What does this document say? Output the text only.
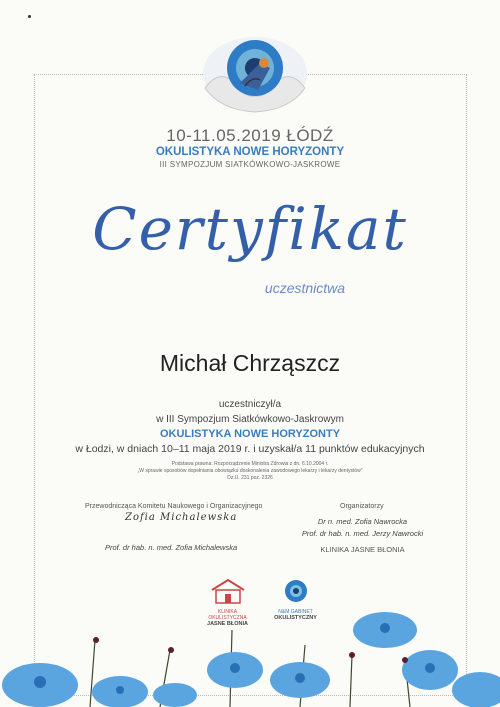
10-11.05.2019 ŁÓDŹ
OKULISTYKA NOWE HORYZONTY
III SYMPOZJUM SIATKÓWKOWO-JASKROWE
Certyfikat
uczestnictwa
Michał Chrząszcz
uczestniczył/a
w III Sympozjum Siatkówkowo-Jaskrowym
OKULISTYKA NOWE HORYZONTY
w Łodzi, w dniach 10–11 maja 2019 r. i uzyskał/a 11 punktów edukacyjnych
Podstawa prawna: Rozporządzenie Ministra Zdrowia z dn. 6.10.2004 r.
„W sprawie sposobów dopełniania obowiązku doskonalenia zawodowego lekarzy i lekarzy dentystów”
Dz.U. 231 poz. 2326
Przewodnicząca Komitetu Naukowego i Organizacyjnego
Zofia Michalewska
Prof. dr hab. n. med. Zofia Michalewska
Organizatorzy
Dr n. med. Zofia Nawrocka
Prof. dr hab. n. med. Jerzy Nawrocki
KLINIKA JASNE BŁONIA
KLINIKA OKULISTYCZNA
JASNE BŁONIA
N&M GABINET
OKULISTYCZNY
